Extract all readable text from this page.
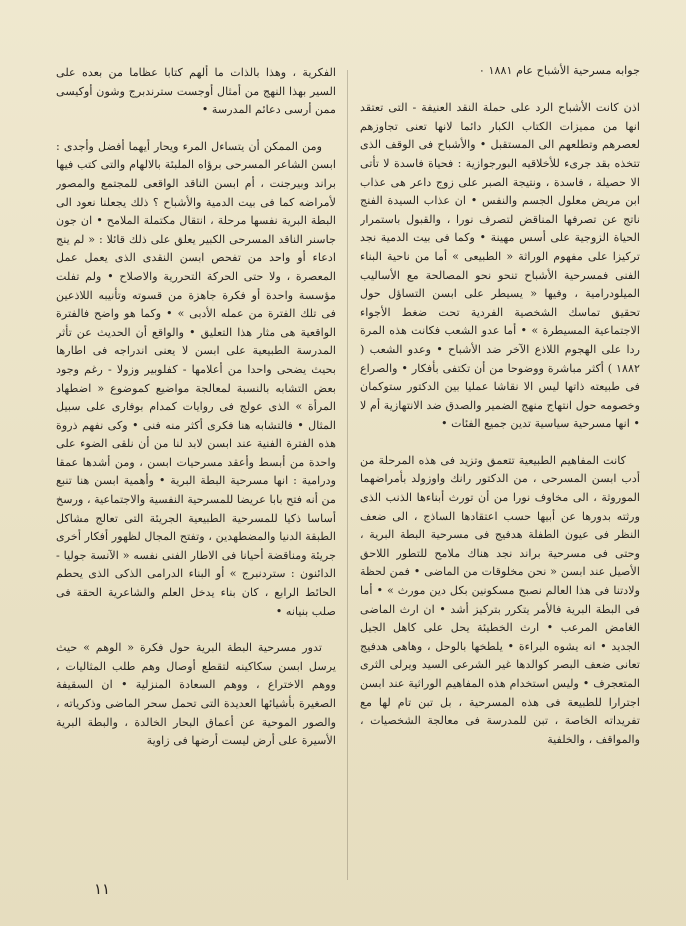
جوابه مسرحية الأشباح عام ١٨٨١ ٠

اذن كانت الأشباح الرد على حملة النقد العنيفة - التى تعتقد انها من مميزات الكتاب الكبار دائما لانها تعنى تجاوزهم لعصرهم وتطلعهم الى المستقبل • والأشباح فى الوقف الذى تتخذه بقد جرىء للأخلاقيه البورجوازية : فحياة فاسدة لا تأتى الا حصيلة ، فاسدة ، ونتيجة الصبر على زوج داعر هى عذاب ابن مريض معلول الجسم والنفس • ان عذاب السيدة الفنج ناتج عن تصرفها المناقض لتصرف نورا ، والقبول باستمرار الحياة الزوجية على أسس مهينة • وكما فى بيت الدمية نجد تركيزا على مفهوم الوراثة « الطبيعى » أما من ناحية البناء الفنى فمسرحية الأشباح تنحو نحو المصالحة مع الأساليب الميلودرامية ، وفيها « يسيطر على ابسن التساؤل حول تحقيق تماسك الشخصية الفردية تحت ضغط الأجواء الاجتماعية المسيطرة » • أما عدو الشعب فكانت هذه المرة ردا على الهجوم اللاذع الآخر ضد الأشباح • وعدو الشعب ( ١٨٨٢ ) أكثر مباشرة ووضوحا من أن تكتفى بأفكار • والصراع فى طبيعته ذاتها ليس الا نقاشا عمليا بين الدكتور ستوكمان وخصومه حول انتهاج منهج الضمير والصدق ضد الانتهازية أم لا • انها مسرحية سياسية تدين جميع الفئات •

كانت المفاهيم الطبيعية تتعمق وتزيد فى هذه المرحلة من أدب ابسن المسرحى ، من الدكتور رانك واوزولد بأمراضهما الموروثة ، الى مخاوف نورا من أن تورث أبناءها الذنب الذى ورثته بدورها عن أبيها حسب اعتقادها الساذج ، الى ضعف النظر فى عيون الطفلة هدفيج فى مسرحية البطة البرية ، وحتى فى مسرحية براند نجد هناك ملامح للتطور اللاحق الأصيل عند ابسن « نحن مخلوقات من الماضى • فمن لحظة ولادتنا فى هذا العالم نصبح مسكونين بكل دين مورث » • أما فى البطة البرية فالأمر يتكرر بتركيز أشد • ان ارث الماضى الغامض المرعب • ارث الخطيئة يحل على كاهل الجيل الجديد • انه يشوه البراءة • يلطخها بالوحل ، وهاهى هدفيج تعانى ضعف البصر كوالدها غير الشرعى السيد ويرلى الثرى المتعجرف • وليس استخدام هذه المفاهيم الوراثية عند ابسن اجترارا للطبيعة فى هذه المسرحية ، بل تبن تام لها مع تفريداته الخاصة ، تبن للمدرسة فى معالجة الشخصيات ، والمواقف ، والخلفية

الفكرية ، وهذا بالذات ما ألهم كتابا عظاما من بعده على السير بهذا النهج من أمثال أوجست سترندبرج وشون أوكيسى ممن أرسى دعائم المدرسة •

ومن الممكن أن يتساءل المرء ويحار أيهما أفضل وأجدى : ابسن الشاعر المسرحى برؤاه الملبئة بالالهام والتى كتب فيها براند وبيرجنت ، أم ابسن الناقد الواقعى للمجتمع والمصور لأمراضه كما فى بيت الدمية والأشباح ؟ ذلك يجعلنا نعود الى البطة البرية نفسها مرحلة ، انتقال مكتملة الملامح • ان جون جاسنر الناقد المسرحى الكبير يعلق على ذلك قائلا : « لم ينج ادعاء أو واحد من تفحص ابسن النقدى الذى يعمل عمل المعصرة ، ولا حتى الحركة التحررية والاصلاح • ولم تفلت مؤسسة واحدة أو فكرة جاهزة من قسوته وتأنيبه اللاذعين فى تلك الفترة من عمله الأدبى » • وكما هو واضح فالفترة الواقعية هى مثار هذا التعليق • والواقع أن الحديث عن تأثر المدرسة الطبيعية على ابسن لا يعنى اندراجه فى اطارها بحيث يضحى واحدا من أعلامها - كفلوبير وزولا - رغم وجود بعض التشابه بالنسبة لمعالجة مواضيع كموضوع « اضطهاد المرأة » الذى عولج فى روايات كمدام بوفارى على سبيل المثال • فالتشابه هنا فكرى أكثر منه فنى • وكى نفهم ذروة هذه الفترة الفنية عند ابسن لابد لنا من أن نلقى الضوء على واحدة من أبسط وأعقد مسرحيات ابسن ، ومن أشدها عمقا ودرامية : انها مسرحية البطة البرية • وأهمية ابسن هنا تنبع من أنه فتح بابا عريضا للمسرحية النفسية والاجتماعية ، ورسخ أساسا ذكيا للمسرحية الطبيعية الجريئة التى تعالج مشاكل الطبقة الدنيا والمضطهدين ، وتفتح المجال لظهور أفكار أخرى جريئة ومناقضة أحيانا فى الاطار الفنى نفسه « الآنسة جوليا - الدائنون : ستردنبرج » أو البناء الدرامى الذكى الذى يحطم الحائط الرابع ، كان بناء يدخل العلم والشاعرية الحقة فى صلب بنيانه •

تدور مسرحية البطة البرية حول فكرة « الوهم » حيث يرسل ابسن سكاكينه لتقطع أوصال وهم طلب المثاليات ، ووهم الاختراع ، ووهم السعادة المنزلية • ان السقيفة الصغيرة بأشيائها العديدة التى تحمل سحر الماضى وذكرياته ، والصور الموحية عن أعماق البحار الخالدة ، والبطة البرية الأسيرة على أرض ليست أرضها فى زاوية

١١
